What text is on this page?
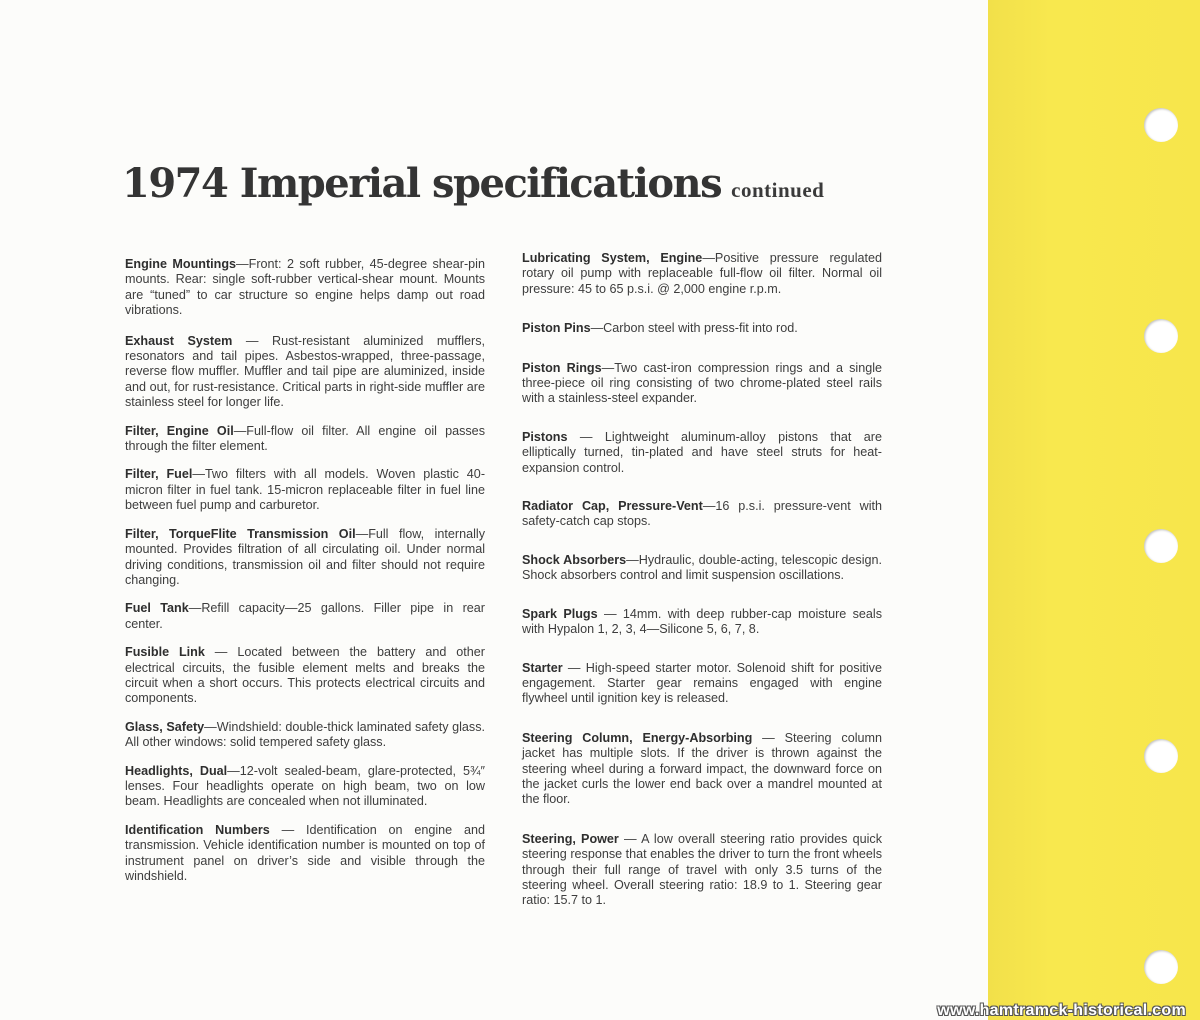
1974 Imperial specifications continued

Engine Mountings—Front: 2 soft rubber, 45-degree shear-pin mounts. Rear: single soft-rubber vertical-shear mount. Mounts are “tuned” to car structure so engine helps damp out road vibrations.

Exhaust System — Rust-resistant aluminized mufflers, resonators and tail pipes. Asbestos-wrapped, three-passage, reverse flow muffler. Muffler and tail pipe are aluminized, inside and out, for rust-resistance. Critical parts in right-side muffler are stainless steel for longer life.

Filter, Engine Oil—Full-flow oil filter. All engine oil passes through the filter element.

Filter, Fuel—Two filters with all models. Woven plastic 40-micron filter in fuel tank. 15-micron replaceable filter in fuel line between fuel pump and carburetor.

Filter, TorqueFlite Transmission Oil—Full flow, internally mounted. Provides filtration of all circulating oil. Under normal driving conditions, transmission oil and filter should not require changing.

Fuel Tank—Refill capacity—25 gallons. Filler pipe in rear center.

Fusible Link — Located between the battery and other electrical circuits, the fusible element melts and breaks the circuit when a short occurs. This protects electrical circuits and components.

Glass, Safety—Windshield: double-thick laminated safety glass. All other windows: solid tempered safety glass.

Headlights, Dual—12-volt sealed-beam, glare-protected, 5¾″ lenses. Four headlights operate on high beam, two on low beam. Headlights are concealed when not illuminated.

Identification Numbers — Identification on engine and transmission. Vehicle identification number is mounted on top of instrument panel on driver’s side and visible through the windshield.

Lubricating System, Engine—Positive pressure regulated rotary oil pump with replaceable full-flow oil filter. Normal oil pressure: 45 to 65 p.s.i. @ 2,000 engine r.p.m.

Piston Pins—Carbon steel with press-fit into rod.

Piston Rings—Two cast-iron compression rings and a single three-piece oil ring consisting of two chrome-plated steel rails with a stainless-steel expander.

Pistons — Lightweight aluminum-alloy pistons that are elliptically turned, tin-plated and have steel struts for heat-expansion control.

Radiator Cap, Pressure-Vent—16 p.s.i. pressure-vent with safety-catch cap stops.

Shock Absorbers—Hydraulic, double-acting, telescopic design. Shock absorbers control and limit suspension oscillations.

Spark Plugs — 14mm. with deep rubber-cap moisture seals with Hypalon 1, 2, 3, 4—Silicone 5, 6, 7, 8.

Starter — High-speed starter motor. Solenoid shift for positive engagement. Starter gear remains engaged with engine flywheel until ignition key is released.

Steering Column, Energy-Absorbing — Steering column jacket has multiple slots. If the driver is thrown against the steering wheel during a forward impact, the downward force on the jacket curls the lower end back over a mandrel mounted at the floor.

Steering, Power — A low overall steering ratio provides quick steering response that enables the driver to turn the front wheels through their full range of travel with only 3.5 turns of the steering wheel. Overall steering ratio: 18.9 to 1. Steering gear ratio: 15.7 to 1.

www.hamtramck-historical.com
